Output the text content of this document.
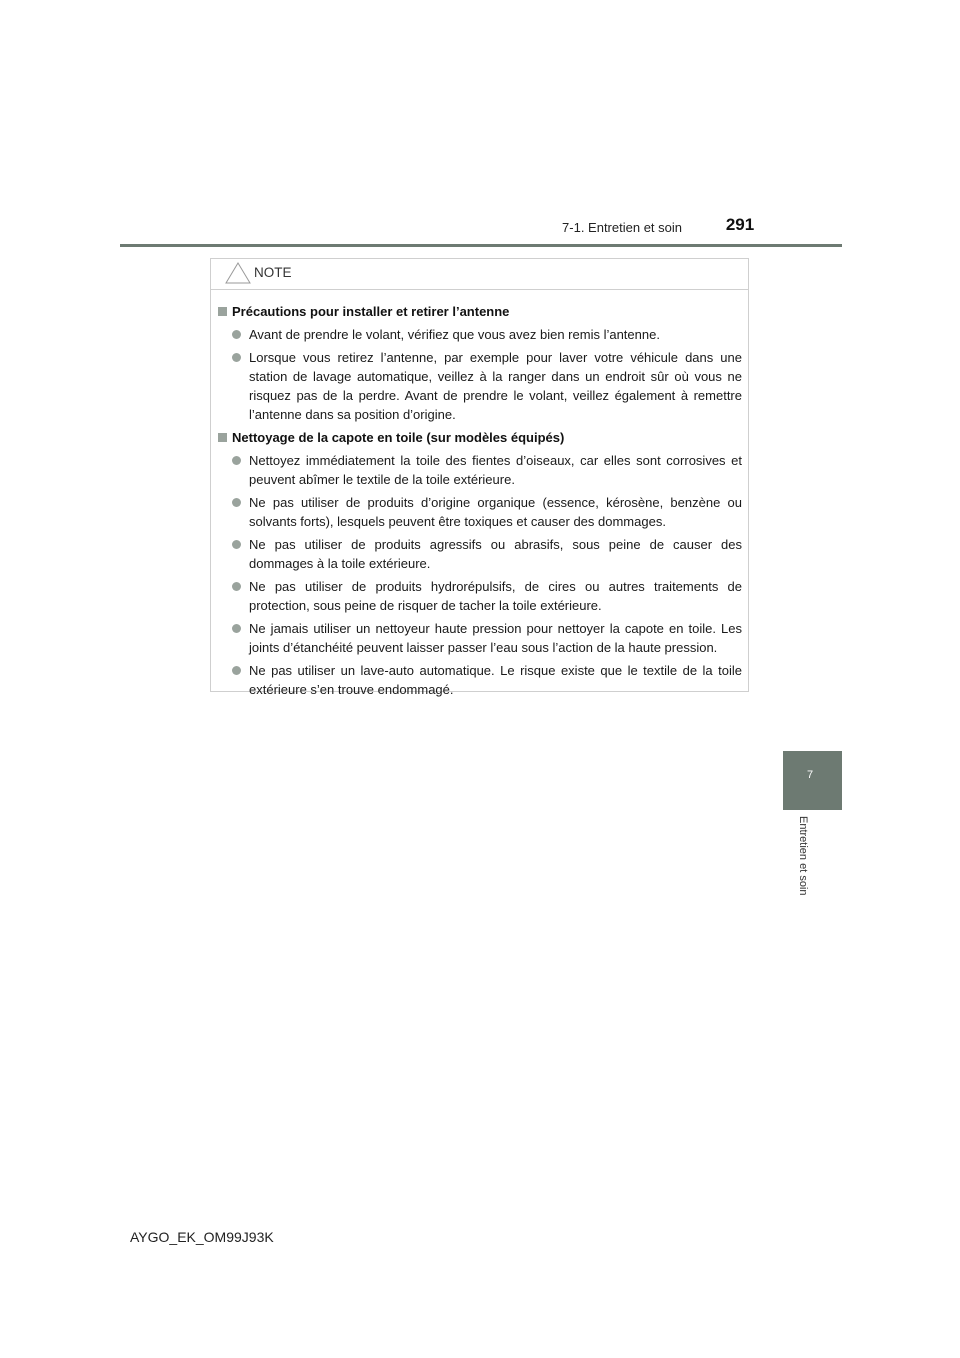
7-1. Entretien et soin	291
NOTE
Précautions pour installer et retirer l’antenne
Avant de prendre le volant, vérifiez que vous avez bien remis l’antenne.
Lorsque vous retirez l’antenne, par exemple pour laver votre véhicule dans une station de lavage automatique, veillez à la ranger dans un endroit sûr où vous ne risquez pas de la perdre. Avant de prendre le volant, veillez également à remettre l’antenne dans sa position d’origine.
Nettoyage de la capote en toile (sur modèles équipés)
Nettoyez immédiatement la toile des fientes d’oiseaux, car elles sont corrosives et peuvent abîmer le textile de la toile extérieure.
Ne pas utiliser de produits d’origine organique (essence, kérosène, benzène ou solvants forts), lesquels peuvent être toxiques et causer des dommages.
Ne pas utiliser de produits agressifs ou abrasifs, sous peine de causer des dommages à la toile extérieure.
Ne pas utiliser de produits hydrorépulsifs, de cires ou autres traitements de protection, sous peine de risquer de tacher la toile extérieure.
Ne jamais utiliser un nettoyeur haute pression pour nettoyer la capote en toile. Les joints d’étanchéité peuvent laisser passer l’eau sous l’action de la haute pression.
Ne pas utiliser un lave-auto automatique. Le risque existe que le textile de la toile extérieure s’en trouve endommagé.
7
Entretien et soin
AYGO_EK_OM99J93K
